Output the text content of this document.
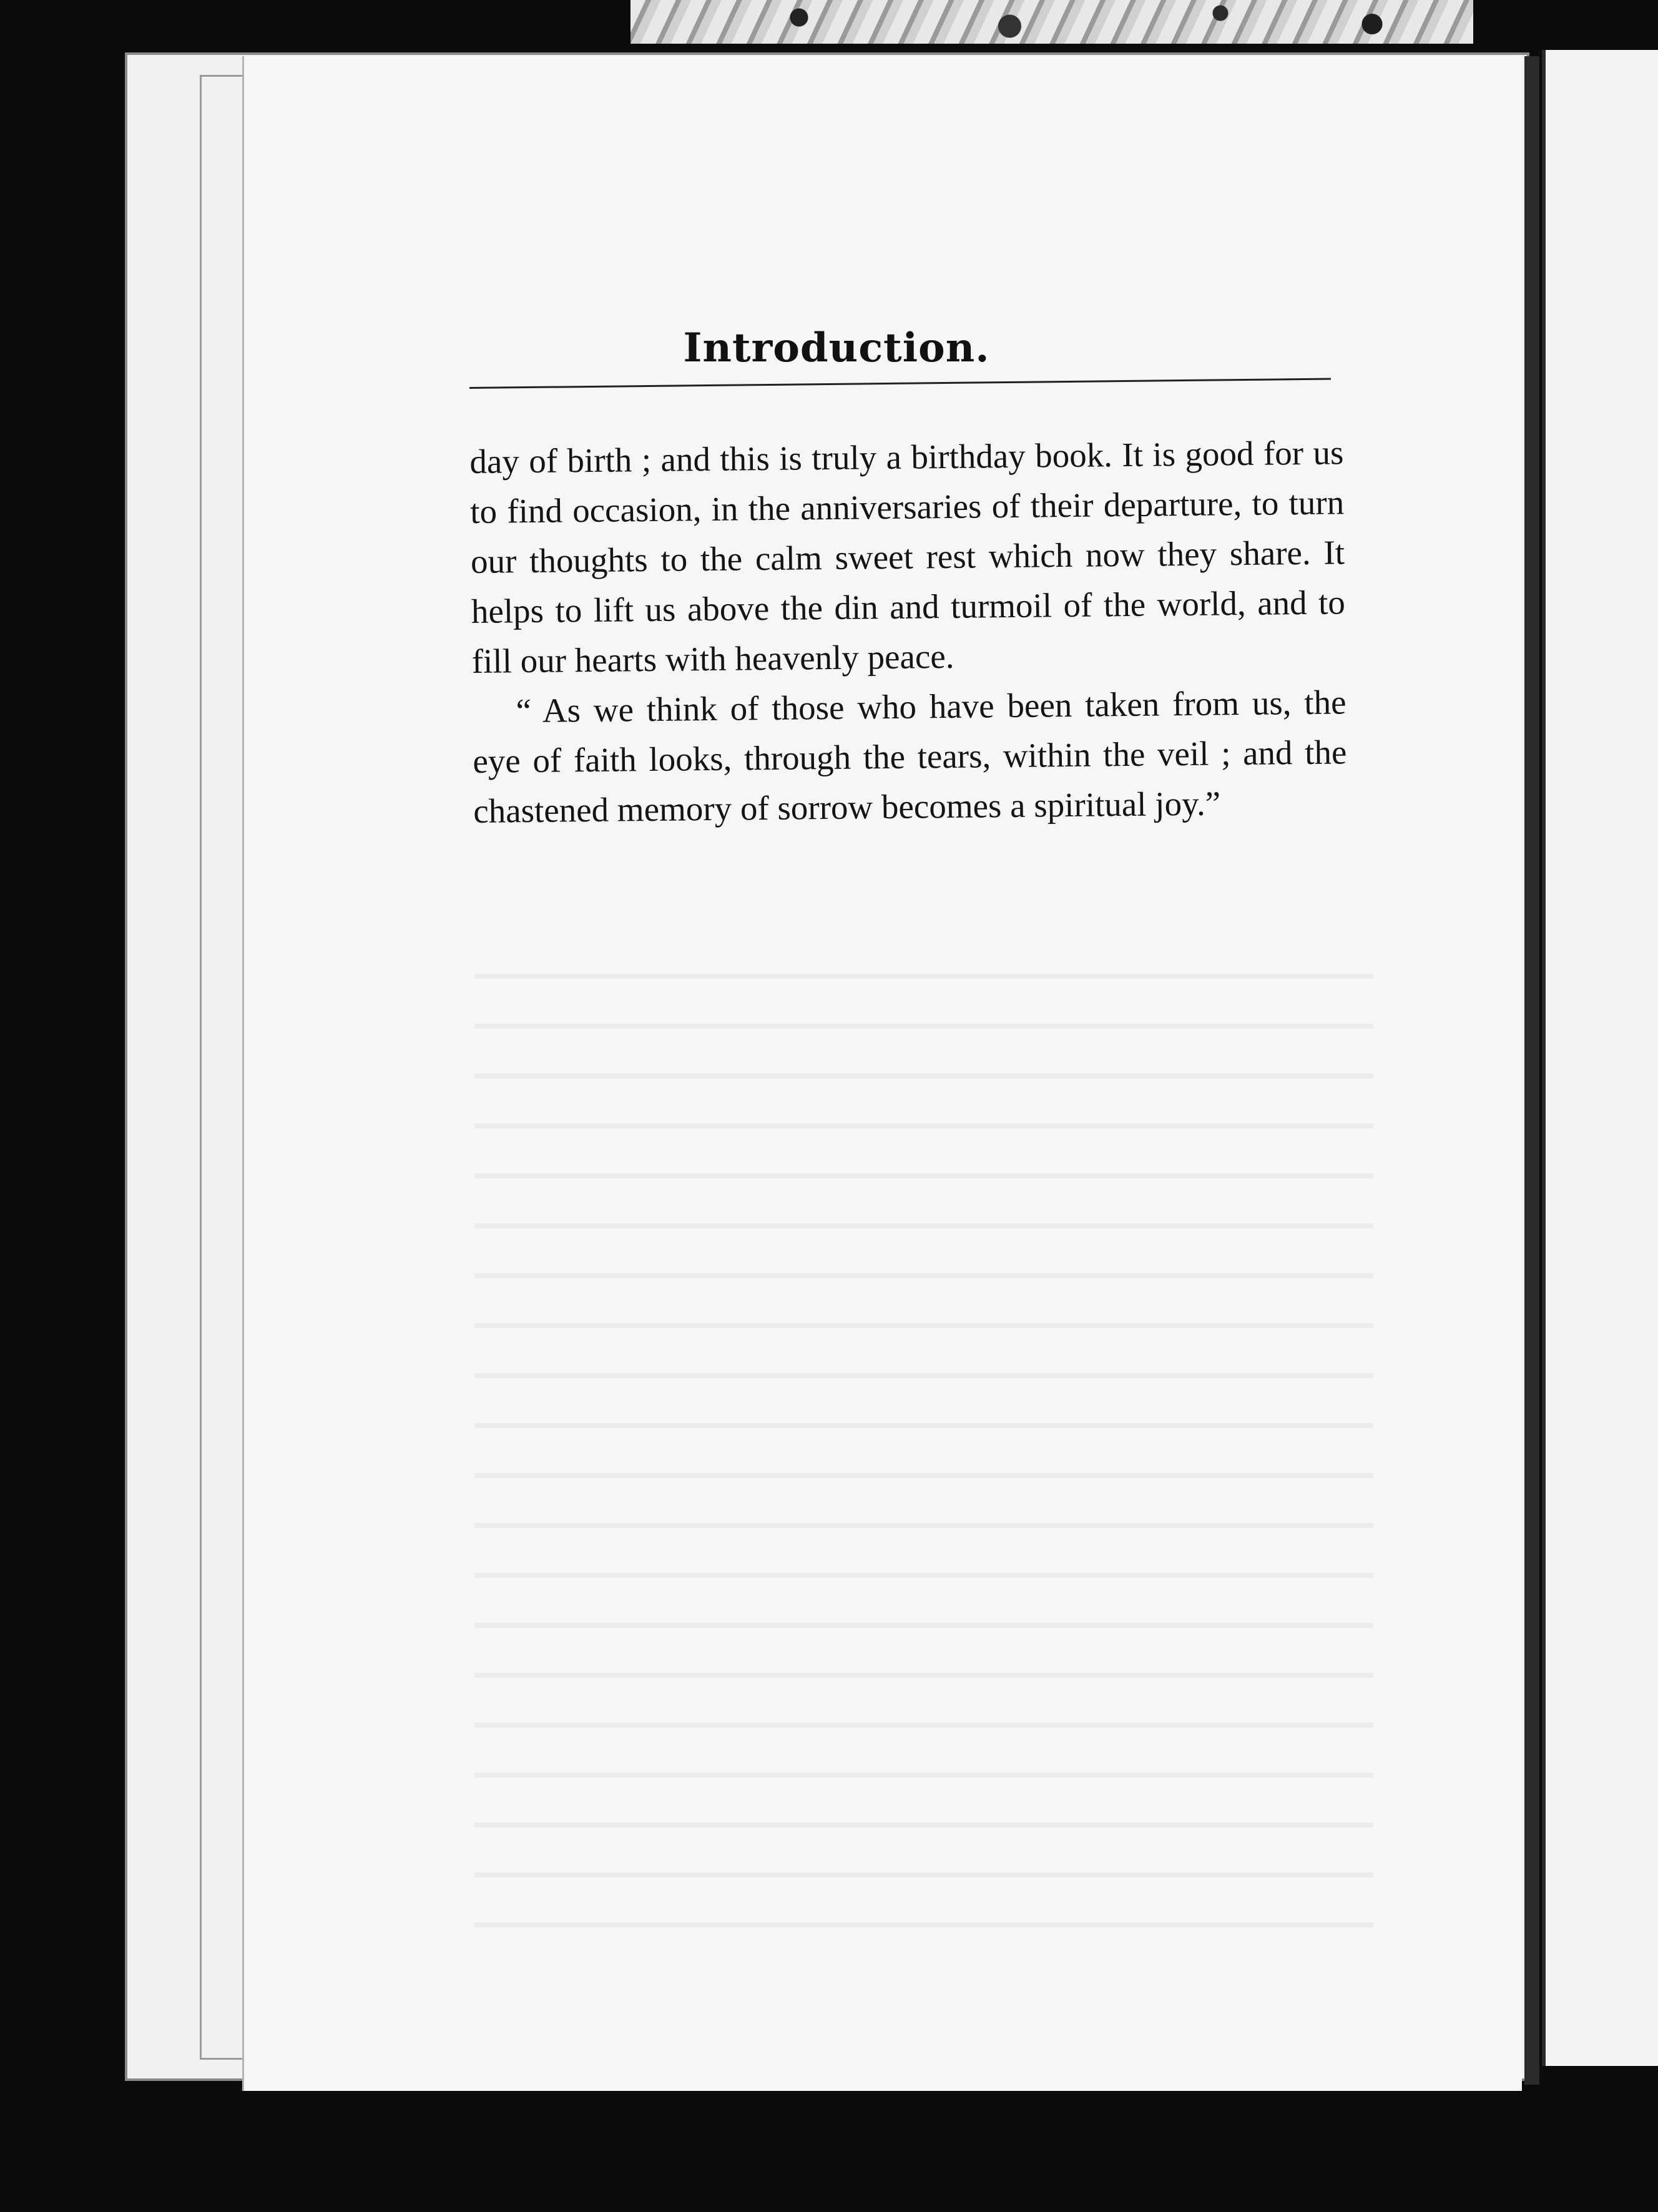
Introduction.

day of birth ; and this is truly a birthday book. It is good for us to find occasion, in the anniversaries of their departure, to turn our thoughts to the calm sweet rest which now they share. It helps to lift us above the din and turmoil of the world, and to fill our hearts with heavenly peace.

“ As we think of those who have been taken from us, the eye of faith looks, through the tears, within the veil ; and the chastened memory of sorrow becomes a spiritual joy.”
